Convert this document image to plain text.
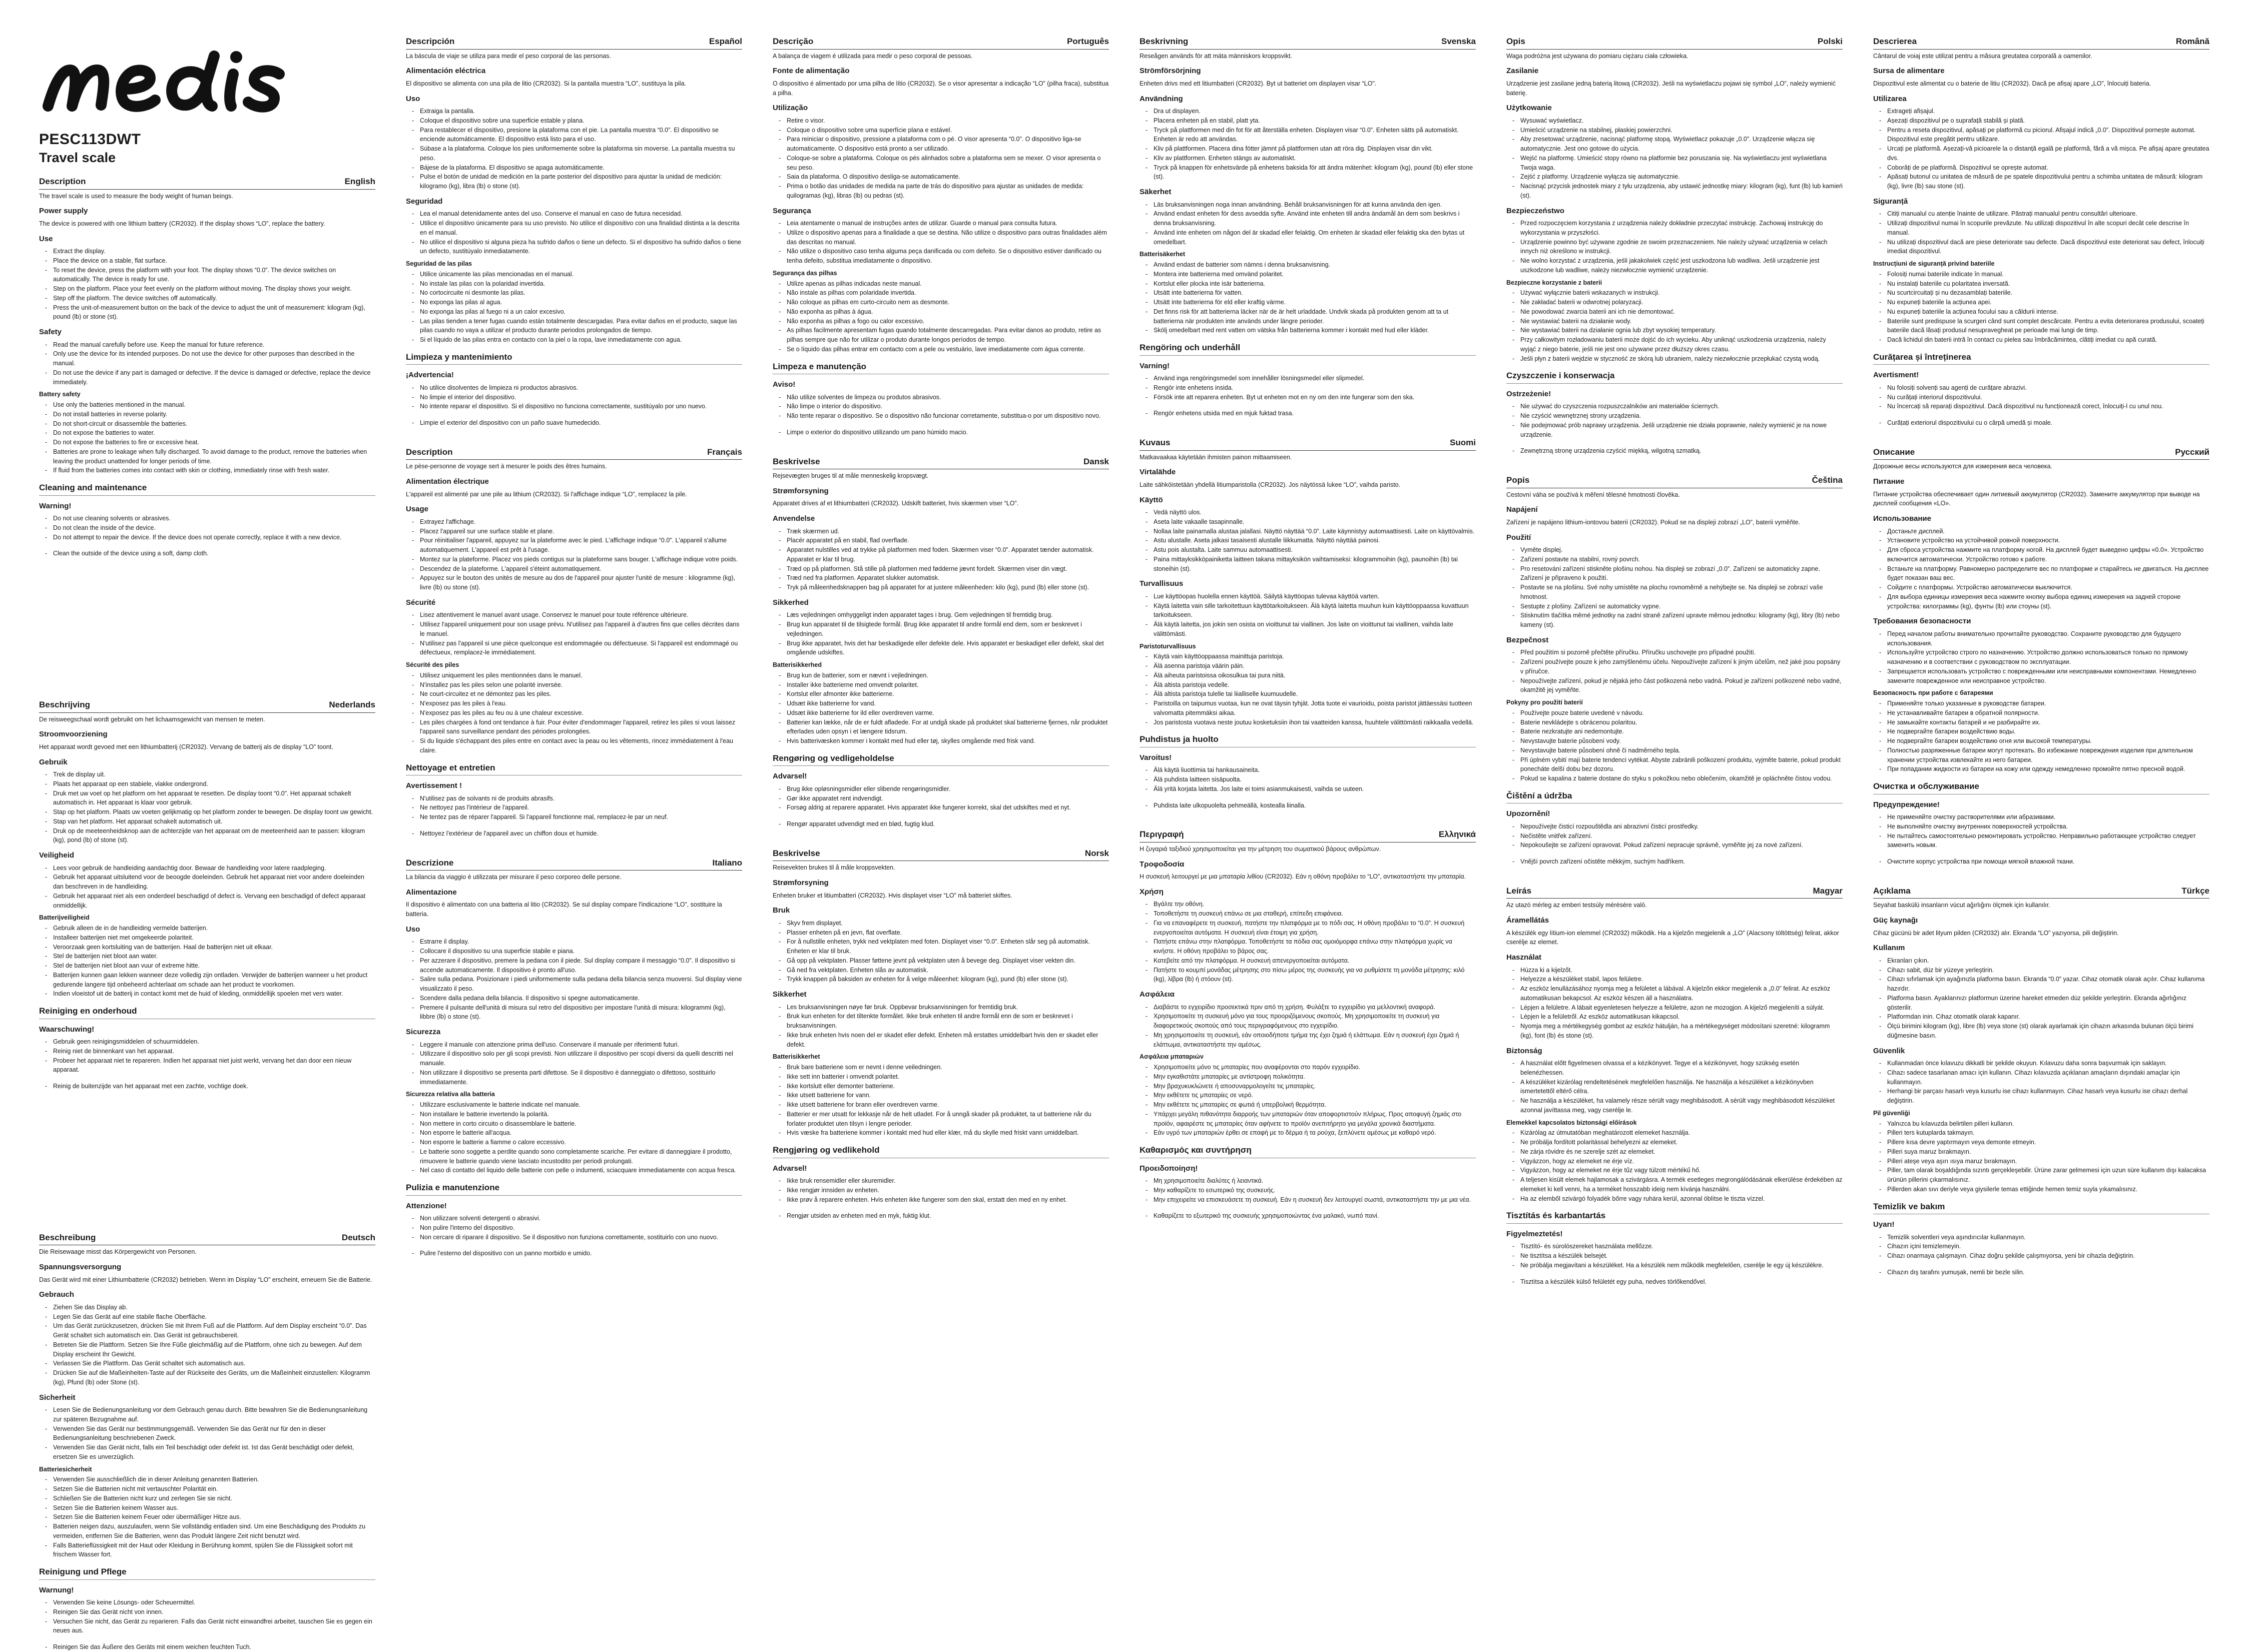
PESC113DWT
Travel scale
Description	English

The travel scale is used to measure the body weight of human beings.

Power supply

The device is powered with one lithium battery (CR2032). If the display shows “LO”, replace the battery.

Use
- Extract the display.
- Place the device on a stable, flat surface.
- To reset the device, press the platform with your foot. The display shows “0.0”. The device switches on automatically. The device is ready for use.
- Step on the platform. Place your feet evenly on the platform without moving. The display shows your weight.
- Step off the platform. The device switches off automatically.
- Press the unit-of-measurement button on the back of the device to adjust the unit of measurement: kilogram (kg), pound (lb) or stone (st).
Safety
- Read the manual carefully before use. Keep the manual for future reference.
- Only use the device for its intended purposes. Do not use the device for other purposes than described in the manual.
- Do not use the device if any part is damaged or defective. If the device is damaged or defective, replace the device immediately.
Battery safety
- Use only the batteries mentioned in the manual.
- Do not install batteries in reverse polarity.
- Do not short-circuit or disassemble the batteries.
- Do not expose the batteries to water.
- Do not expose the batteries to fire or excessive heat.
- Batteries are prone to leakage when fully discharged. To avoid damage to the product, remove the batteries when leaving the product unattended for longer periods of time.
- If fluid from the batteries comes into contact with skin or clothing, immediately rinse with fresh water.
Cleaning and maintenance
Warning!
- Do not use cleaning solvents or abrasives.
- Do not clean the inside of the device.
- Do not attempt to repair the device. If the device does not operate correctly, replace it with a new device.
- Clean the outside of the device using a soft, damp cloth.
Beschrijving	Nederlands

De reisweegschaal wordt gebruikt om het lichaamsgewicht van mensen te meten.

Stroomvoorziening

Het apparaat wordt gevoed met een lithiumbatterij (CR2032). Vervang de batterij als de display “LO” toont.

Gebruik
- Trek de display uit.
- Plaats het apparaat op een stabiele, vlakke ondergrond.
- Druk met uw voet op het platform om het apparaat te resetten. De display toont “0.0”. Het apparaat schakelt automatisch in. Het apparaat is klaar voor gebruik.
- Stap op het platform. Plaats uw voeten gelijkmatig op het platform zonder te bewegen. De display toont uw gewicht.
- Stap van het platform. Het apparaat schakelt automatisch uit.
- Druk op de meeteenheidsknop aan de achterzijde van het apparaat om de meeteenheid aan te passen: kilogram (kg), pond (lb) of stone (st).
Veiligheid
- Lees voor gebruik de handleiding aandachtig door. Bewaar de handleiding voor latere raadpleging.
- Gebruik het apparaat uitsluitend voor de beoogde doeleinden. Gebruik het apparaat niet voor andere doeleinden dan beschreven in de handleiding.
- Gebruik het apparaat niet als een onderdeel beschadigd of defect is. Vervang een beschadigd of defect apparaat onmiddellijk.
Batterijveiligheid
- Gebruik alleen de in de handleiding vermelde batterijen.
- Installeer batterijen niet met omgekeerde polariteit.
- Veroorzaak geen kortsluiting van de batterijen. Haal de batterijen niet uit elkaar.
- Stel de batterijen niet bloot aan water.
- Stel de batterijen niet bloot aan vuur of extreme hitte.
- Batterijen kunnen gaan lekken wanneer deze volledig zijn ontladen. Verwijder de batterijen wanneer u het product gedurende langere tijd onbeheerd achterlaat om schade aan het product te voorkomen.
- Indien vloeistof uit de batterij in contact komt met de huid of kleding, onmiddellijk spoelen met vers water.
Reiniging en onderhoud
Waarschuwing!
- Gebruik geen reinigingsmiddelen of schuurmiddelen.
- Reinig niet de binnenkant van het apparaat.
- Probeer het apparaat niet te repareren. Indien het apparaat niet juist werkt, vervang het dan door een nieuw apparaat.
- Reinig de buitenzijde van het apparaat met een zachte, vochtige doek.
Beschreibung	Deutsch

Die Reisewaage misst das Körpergewicht von Personen.

Spannungsversorgung

Das Gerät wird mit einer Lithiumbatterie (CR2032) betrieben. Wenn im Display “LO” erscheint, erneuern Sie die Batterie.

Gebrauch
- Ziehen Sie das Display ab.
- Legen Sie das Gerät auf eine stabile flache Oberfläche.
- Um das Gerät zurückzusetzen, drücken Sie mit Ihrem Fuß auf die Plattform. Auf dem Display erscheint “0.0”. Das Gerät schaltet sich automatisch ein. Das Gerät ist gebrauchsbereit.
- Betreten Sie die Plattform. Setzen Sie Ihre Füße gleichmäßig auf die Plattform, ohne sich zu bewegen. Auf dem Display erscheint Ihr Gewicht.
- Verlassen Sie die Plattform. Das Gerät schaltet sich automatisch aus.
- Drücken Sie auf die Maßeinheiten-Taste auf der Rückseite des Geräts, um die Maßeinheit einzustellen: Kilogramm (kg), Pfund (lb) oder Stone (st).
Sicherheit
- Lesen Sie die Bedienungsanleitung vor dem Gebrauch genau durch. Bitte bewahren Sie die Bedienungsanleitung zur späteren Bezugnahme auf.
- Verwenden Sie das Gerät nur bestimmungsgemäß. Verwenden Sie das Gerät nur für den in dieser Bedienungsanleitung beschriebenen Zweck.
- Verwenden Sie das Gerät nicht, falls ein Teil beschädigt oder defekt ist. Ist das Gerät beschädigt oder defekt, ersetzen Sie es unverzüglich.
Batteriesicherheit
- Verwenden Sie ausschließlich die in dieser Anleitung genannten Batterien.
- Setzen Sie die Batterien nicht mit vertauschter Polarität ein.
- Schließen Sie die Batterien nicht kurz und zerlegen Sie sie nicht.
- Setzen Sie die Batterien keinem Wasser aus.
- Setzen Sie die Batterien keinem Feuer oder übermäßiger Hitze aus.
- Batterien neigen dazu, auszulaufen, wenn Sie vollständig entladen sind. Um eine Beschädigung des Produkts zu vermeiden, entfernen Sie die Batterien, wenn das Produkt längere Zeit nicht benutzt wird.
- Falls Batterieflüssigkeit mit der Haut oder Kleidung in Berührung kommt, spülen Sie die Flüssigkeit sofort mit frischem Wasser fort.
Reinigung und Pflege
Warnung!
- Verwenden Sie keine Lösungs- oder Scheuermittel.
- Reinigen Sie das Gerät nicht von innen.
- Versuchen Sie nicht, das Gerät zu reparieren. Falls das Gerät nicht einwandfrei arbeitet, tauschen Sie es gegen ein neues aus.
- Reinigen Sie das Äußere des Geräts mit einem weichen feuchten Tuch.
Descripción	Español

La báscula de viaje se utiliza para medir el peso corporal de las personas.

Alimentación eléctrica

El dispositivo se alimenta con una pila de litio (CR2032). Si la pantalla muestra “LO”, sustituya la pila.

Uso
- Extraiga la pantalla.
- Coloque el dispositivo sobre una superficie estable y plana.
- Para restablecer el dispositivo, presione la plataforma con el pie. La pantalla muestra “0.0”. El dispositivo se enciende automáticamente. El dispositivo está listo para el uso.
- Súbase a la plataforma. Coloque los pies uniformemente sobre la plataforma sin moverse. La pantalla muestra su peso.
- Bájese de la plataforma. El dispositivo se apaga automáticamente.
- Pulse el botón de unidad de medición en la parte posterior del dispositivo para ajustar la unidad de medición: kilogramo (kg), libra (lb) o stone (st).
Seguridad
- Lea el manual detenidamente antes del uso. Conserve el manual en caso de futura necesidad.
- Utilice el dispositivo únicamente para su uso previsto. No utilice el dispositivo con una finalidad distinta a la descrita en el manual.
- No utilice el dispositivo si alguna pieza ha sufrido daños o tiene un defecto. Si el dispositivo ha sufrido daños o tiene un defecto, sustitúyalo inmediatamente.
Seguridad de las pilas
- Utilice únicamente las pilas mencionadas en el manual.
- No instale las pilas con la polaridad invertida.
- No cortocircuite ni desmonte las pilas.
- No exponga las pilas al agua.
- No exponga las pilas al fuego ni a un calor excesivo.
- Las pilas tienden a tener fugas cuando están totalmente descargadas. Para evitar daños en el producto, saque las pilas cuando no vaya a utilizar el producto durante periodos prolongados de tiempo.
- Si el líquido de las pilas entra en contacto con la piel o la ropa, lave inmediatamente con agua.
Limpieza y mantenimiento
¡Advertencia!
- No utilice disolventes de limpieza ni productos abrasivos.
- No limpie el interior del dispositivo.
- No intente reparar el dispositivo. Si el dispositivo no funciona correctamente, sustitúyalo por uno nuevo.
- Limpie el exterior del dispositivo con un paño suave humedecido.
Description	Français

Le pèse-personne de voyage sert à mesurer le poids des êtres humains.

Alimentation électrique

L'appareil est alimenté par une pile au lithium (CR2032). Si l'affichage indique “LO”, remplacez la pile.

Usage
- Extrayez l'affichage.
- Placez l'appareil sur une surface stable et plane.
- Pour réinitialiser l'appareil, appuyez sur la plateforme avec le pied. L'affichage indique “0.0”. L'appareil s'allume automatiquement. L'appareil est prêt à l'usage.
- Montez sur la plateforme. Placez vos pieds contigus sur la plateforme sans bouger. L'affichage indique votre poids.
- Descendez de la plateforme. L'appareil s'éteint automatiquement.
- Appuyez sur le bouton des unités de mesure au dos de l'appareil pour ajuster l'unité de mesure : kilogramme (kg), livre (lb) ou stone (st).
Sécurité
- Lisez attentivement le manuel avant usage. Conservez le manuel pour toute référence ultérieure.
- Utilisez l'appareil uniquement pour son usage prévu. N'utilisez pas l'appareil à d'autres fins que celles décrites dans le manuel.
- N'utilisez pas l'appareil si une pièce quelconque est endommagée ou défectueuse. Si l'appareil est endommagé ou défectueux, remplacez-le immédiatement.
Sécurité des piles
- Utilisez uniquement les piles mentionnées dans le manuel.
- N'installez pas les piles selon une polarité inversée.
- Ne court-circuitez et ne démontez pas les piles.
- N'exposez pas les piles à l'eau.
- N'exposez pas les piles au feu ou à une chaleur excessive.
- Les piles chargées à fond ont tendance à fuir. Pour éviter d'endommager l'appareil, retirez les piles si vous laissez l'appareil sans surveillance pendant des périodes prolongées.
- Si du liquide s'échappant des piles entre en contact avec la peau ou les vêtements, rincez immédiatement à l'eau claire.
Nettoyage et entretien
Avertissement !
- N'utilisez pas de solvants ni de produits abrasifs.
- Ne nettoyez pas l'intérieur de l'appareil.
- Ne tentez pas de réparer l'appareil. Si l'appareil fonctionne mal, remplacez-le par un neuf.
- Nettoyez l'extérieur de l'appareil avec un chiffon doux et humide.
Descrizione	Italiano

La bilancia da viaggio è utilizzata per misurare il peso corporeo delle persone.

Alimentazione

Il dispositivo è alimentato con una batteria al litio (CR2032). Se sul display compare l'indicazione “LO”, sostituire la batteria.

Uso
- Estrarre il display.
- Collocare il dispositivo su una superficie stabile e piana.
- Per azzerare il dispositivo, premere la pedana con il piede. Sul display compare il messaggio “0.0”. Il dispositivo si accende automaticamente. Il dispositivo è pronto all'uso.
- Salire sulla pedana. Posizionare i piedi uniformemente sulla pedana della bilancia senza muoversi. Sul display viene visualizzato il peso.
- Scendere dalla pedana della bilancia. Il dispositivo si spegne automaticamente.
- Premere il pulsante dell'unità di misura sul retro del dispositivo per impostare l'unità di misura: kilogrammi (kg), libbre (lb) o stone (st).
Sicurezza
- Leggere il manuale con attenzione prima dell'uso. Conservare il manuale per riferimenti futuri.
- Utilizzare il dispositivo solo per gli scopi previsti. Non utilizzare il dispositivo per scopi diversi da quelli descritti nel manuale.
- Non utilizzare il dispositivo se presenta parti difettose. Se il dispositivo è danneggiato o difettoso, sostituirlo immediatamente.
Sicurezza relativa alla batteria
- Utilizzare esclusivamente le batterie indicate nel manuale.
- Non installare le batterie invertendo la polarità.
- Non mettere in corto circuito o disassemblare le batterie.
- Non esporre le batterie all'acqua.
- Non esporre le batterie a fiamme o calore eccessivo.
- Le batterie sono soggette a perdite quando sono completamente scariche. Per evitare di danneggiare il prodotto, rimuovere le batterie quando viene lasciato incustodito per periodi prolungati.
- Nel caso di contatto del liquido delle batterie con pelle o indumenti, sciacquare immediatamente con acqua fresca.
Pulizia e manutenzione
Attenzione!
- Non utilizzare solventi detergenti o abrasivi.
- Non pulire l'interno del dispositivo.
- Non cercare di riparare il dispositivo. Se il dispositivo non funziona correttamente, sostituirlo con uno nuovo.
- Pulire l'esterno del dispositivo con un panno morbido e umido.
Descrição	Português

A balança de viagem é utilizada para medir o peso corporal de pessoas.

Fonte de alimentação

O dispositivo é alimentado por uma pilha de lítio (CR2032). Se o visor apresentar a indicação “LO” (pilha fraca), substitua a pilha.

Utilização
- Retire o visor.
- Coloque o dispositivo sobre uma superfície plana e estável.
- Para reiniciar o dispositivo, pressione a plataforma com o pé. O visor apresenta “0.0”. O dispositivo liga-se automaticamente. O dispositivo está pronto a ser utilizado.
- Coloque-se sobre a plataforma. Coloque os pés alinhados sobre a plataforma sem se mexer. O visor apresenta o seu peso.
- Saia da plataforma. O dispositivo desliga-se automaticamente.
- Prima o botão das unidades de medida na parte de trás do dispositivo para ajustar as unidades de medida: quilogramas (kg), libras (lb) ou pedras (st).
Segurança
- Leia atentamente o manual de instruções antes de utilizar. Guarde o manual para consulta futura.
- Utilize o dispositivo apenas para a finalidade a que se destina. Não utilize o dispositivo para outras finalidades além das descritas no manual.
- Não utilize o dispositivo caso tenha alguma peça danificada ou com defeito. Se o dispositivo estiver danificado ou tenha defeito, substitua imediatamente o dispositivo.
Segurança das pilhas
- Utilize apenas as pilhas indicadas neste manual.
- Não instale as pilhas com polaridade invertida.
- Não coloque as pilhas em curto-circuito nem as desmonte.
- Não exponha as pilhas à água.
- Não exponha as pilhas a fogo ou calor excessivo.
- As pilhas facilmente apresentam fugas quando totalmente descarregadas. Para evitar danos ao produto, retire as pilhas sempre que não for utilizar o produto durante longos períodos de tempo.
- Se o líquido das pilhas entrar em contacto com a pele ou vestuário, lave imediatamente com água corrente.
Limpeza e manutenção
Aviso!
- Não utilize solventes de limpeza ou produtos abrasivos.
- Não limpe o interior do dispositivo.
- Não tente reparar o dispositivo. Se o dispositivo não funcionar corretamente, substitua-o por um dispositivo novo.
- Limpe o exterior do dispositivo utilizando um pano húmido macio.
Beskrivelse	Dansk

Rejsevægten bruges til at måle menneskelig kropsvægt.

Strømforsyning

Apparatet drives af et lithiumbatteri (CR2032). Udskift batteriet, hvis skærmen viser “LO”.

Anvendelse
- Træk skærmen ud.
- Placér apparatet på en stabil, flad overflade.
- Apparatet nulstilles ved at trykke på platformen med foden. Skærmen viser “0.0”. Apparatet tænder automatisk. Apparatet er klar til brug.
- Træd op på platformen. Stå stille på platformen med fødderne jævnt fordelt. Skærmen viser din vægt.
- Træd ned fra platformen. Apparatet slukker automatisk.
- Tryk på måleenhedsknappen bag på apparatet for at justere måleenheden: kilo (kg), pund (lb) eller stone (st).
Sikkerhed
- Læs vejledningen omhyggeligt inden apparatet tages i brug. Gem vejledningen til fremtidig brug.
- Brug kun apparatet til de tilsigtede formål. Brug ikke apparatet til andre formål end dem, som er beskrevet i vejledningen.
- Brug ikke apparatet, hvis det har beskadigede eller defekte dele. Hvis apparatet er beskadiget eller defekt, skal det omgående udskiftes.
Batterisikkerhed
- Brug kun de batterier, som er nævnt i vejledningen.
- Installer ikke batterierne med omvendt polaritet.
- Kortslut eller afmonter ikke batterierne.
- Udsæt ikke batterierne for vand.
- Udsæt ikke batterierne for ild eller overdreven varme.
- Batterier kan lække, når de er fuldt afladede. For at undgå skade på produktet skal batterierne fjernes, når produktet efterlades uden opsyn i et længere tidsrum.
- Hvis batterivæsken kommer i kontakt med hud eller tøj, skylles omgående med frisk vand.
Rengøring og vedligeholdelse
Advarsel!
- Brug ikke opløsningsmidler eller slibende rengøringsmidler.
- Gør ikke apparatet rent indvendigt.
- Forsøg aldrig at reparere apparatet. Hvis apparatet ikke fungerer korrekt, skal det udskiftes med et nyt.
- Rengør apparatet udvendigt med en blød, fugtig klud.
Beskrivelse	Norsk

Reisevekten brukes til å måle kroppsvekten.

Strømforsyning

Enheten bruker et litiumbatteri (CR2032). Hvis displayet viser “LO” må batteriet skiftes.

Bruk
- Skyv frem displayet.
- Plasser enheten på en jevn, flat overflate.
- For å nullstille enheten, trykk ned vektplaten med foten. Displayet viser “0.0”. Enheten slår seg på automatisk. Enheten er klar til bruk.
- Gå opp på vektplaten. Plasser føttene jevnt på vektplaten uten å bevege deg. Displayet viser vekten din.
- Gå ned fra vektplaten. Enheten slås av automatisk.
- Trykk knappen på baksiden av enheten for å velge måleenhet: kilogram (kg), pund (lb) eller stone (st).
Sikkerhet
- Les bruksanvisningen nøye før bruk. Oppbevar bruksanvisningen for fremtidig bruk.
- Bruk kun enheten for det tiltenkte formålet. Ikke bruk enheten til andre formål enn de som er beskrevet i bruksanvisningen.
- Ikke bruk enheten hvis noen del er skadet eller defekt. Enheten må erstattes umiddelbart hvis den er skadet eller defekt.
Batterisikkerhet
- Bruk bare batteriene som er nevnt i denne veiledningen.
- Ikke sett inn batterier i omvendt polaritet.
- Ikke kortslutt eller demonter batteriene.
- Ikke utsett batteriene for vann.
- Ikke utsett batteriene for brann eller overdreven varme.
- Batterier er mer utsatt for lekkasje når de helt utladet. For å unngå skader på produktet, ta ut batteriene når du forlater produktet uten tilsyn i lengre perioder.
- Hvis væske fra batteriene kommer i kontakt med hud eller klær, må du skylle med friskt vann umiddelbart.
Rengjøring og vedlikehold
Advarsel!
- Ikke bruk rensemidler eller skuremidler.
- Ikke rengjør innsiden av enheten.
- Ikke prøv å reparere enheten. Hvis enheten ikke fungerer som den skal, erstatt den med en ny enhet.
- Rengjør utsiden av enheten med en myk, fuktig klut.
Beskrivning	Svenska

Reseågen används för att mäta människors kroppsvikt.

Strömförsörjning

Enheten drivs med ett litiumbatteri (CR2032). Byt ut batteriet om displayen visar “LO”.

Användning
- Dra ut displayen.
- Placera enheten på en stabil, platt yta.
- Tryck på plattformen med din fot för att återställa enheten. Displayen visar “0.0”. Enheten sätts på automatiskt. Enheten är redo att användas.
- Kliv på plattformen. Placera dina fötter jämnt på plattformen utan att röra dig. Displayen visar din vikt.
- Kliv av plattformen. Enheten stängs av automatiskt.
- Tryck på knappen för enhetsvärde på enhetens baksida för att ändra mätenhet: kilogram (kg), pound (lb) eller stone (st).
Säkerhet
- Läs bruksanvisningen noga innan användning. Behåll bruksanvisningen för att kunna använda den igen.
- Använd endast enheten för dess avsedda syfte. Använd inte enheten till andra ändamål än dem som beskrivs i denna bruksanvisning.
- Använd inte enheten om någon del är skadad eller felaktig. Om enheten är skadad eller felaktig ska den bytas ut omedelbart.
Batterisäkerhet
- Använd endast de batterier som nämns i denna bruksanvisning.
- Montera inte batterierna med omvänd polaritet.
- Kortslut eller plocka inte isär batterierna.
- Utsätt inte batterierna för vatten.
- Utsätt inte batterierna för eld eller kraftig värme.
- Det finns risk för att batterierna läcker när de är helt urladdade. Undvik skada på produkten genom att ta ut batterierna när produkten inte används under längre perioder.
- Skölj omedelbart med rent vatten om vätska från batterierna kommer i kontakt med hud eller kläder.
Rengöring och underhåll
Varning!
- Använd inga rengöringsmedel som innehåller lösningsmedel eller slipmedel.
- Rengör inte enhetens insida.
- Försök inte att reparera enheten. Byt ut enheten mot en ny om den inte fungerar som den ska.
- Rengör enhetens utsida med en mjuk fuktad trasa.
Kuvaus	Suomi

Matkavaakaa käytetään ihmisten painon mittaamiseen.

Virtalähde

Laite sähköistetään yhdellä litiumparistolla (CR2032). Jos näytössä lukee “LO”, vaihda paristo.

Käyttö
- Vedä näyttö ulos.
- Aseta laite vakaalle tasapinnalle.
- Nollaa laite painamalla alustaa jalallasi. Näyttö näyttää “0.0”. Laite käynnistyy automaattisesti. Laite on käyttövalmis.
- Astu alustalle. Aseta jalkasi tasaisesti alustalle liikkumatta. Näyttö näyttää painosi.
- Astu pois alustalta. Laite sammuu automaattisesti.
- Paina mittayksikköpainiketta laitteen takana mittayksikön vaihtamiseksi: kilogrammoihin (kg), paunoihin (lb) tai stoneihin (st).
Turvallisuus
- Lue käyttöopas huolella ennen käyttöä. Säilytä käyttöopas tulevaa käyttöä varten.
- Käytä laitetta vain sille tarkoitettuun käyttötarkoitukseen. Älä käytä laitetta muuhun kuin käyttöoppaassa kuvattuun tarkoitukseen.
- Älä käytä laitetta, jos jokin sen osista on vioittunut tai viallinen. Jos laite on vioittunut tai viallinen, vaihda laite välittömästi.
Paristoturvallisuus
- Käytä vain käyttöoppaassa mainittuja paristoja.
- Älä asenna paristoja väärin päin.
- Älä aiheuta paristoissa oikosulkua tai pura niitä.
- Älä altista paristoja vedelle.
- Älä altista paristoja tulelle tai liialliselle kuumuudelle.
- Paristoilla on taipumus vuotaa, kun ne ovat täysin tyhjät. Jotta tuote ei vaurioidu, poista paristot jättäessäsi tuotteen valvomatta pitemmäksi aikaa.
- Jos paristosta vuotava neste joutuu kosketuksiin ihon tai vaatteiden kanssa, huuhtele välittömästi raikkaalla vedellä.
Puhdistus ja huolto
Varoitus!
- Älä käytä liuottimia tai hankausaineita.
- Älä puhdista laitteen sisäpuolta.
- Älä yritä korjata laitetta. Jos laite ei toimi asianmukaisesti, vaihda se uuteen.
- Puhdista laite ulkopuolelta pehmeällä, kostealla liinalla.
Περιγραφή	Ελληνικά

Η ζυγαριά ταξιδιού χρησιμοποιείται για την μέτρηση του σωματικού βάρους ανθρώπων.

Τροφοδοσία

Η συσκευή λειτουργεί με μια μπαταρία λιθίου (CR2032). Εάν η οθόνη προβάλει το “LO”, αντικαταστήστε την μπαταρία.

Χρήση
- Βγάλτε την οθόνη.
- Τοποθετήστε τη συσκευή επάνω σε μια σταθερή, επίπεδη επιφάνεια.
- Για να επαναφέρετε τη συσκευή, πατήστε την πλατφόρμα με το πόδι σας. Η οθόνη προβάλει το “0.0”. Η συσκευή ενεργοποιείται αυτόματα. Η συσκευή είναι έτοιμη για χρήση.
- Πατήστε επάνω στην πλατφόρμα. Τοποθετήστε τα πόδια σας ομοιόμορφα επάνω στην πλατφόρμα χωρίς να κινήστε. Η οθόνη προβάλει το βάρος σας.
- Κατεβείτε από την πλατφόρμα. Η συσκευή απενεργοποιείται αυτόματα.
- Πατήστε το κουμπί μονάδας μέτρησης στο πίσω μέρος της συσκευής για να ρυθμίσετε τη μονάδα μέτρησης: κιλό (kg), λίβρα (lb) ή στόουν (st).
Ασφάλεια
- Διαβάστε το εγχειρίδιο προσεκτικά πριν από τη χρήση. Φυλάξτε το εγχειρίδιο για μελλοντική αναφορά.
- Χρησιμοποιείτε τη συσκευή μόνο για τους προοριζόμενους σκοπούς. Μη χρησιμοποιείτε τη συσκευή για διαφορετικούς σκοπούς από τους περιγραφόμενους στο εγχειρίδιο.
- Μη χρησιμοποιείτε τη συσκευή, εάν οποιοδήποτε τμήμα της έχει ζημιά ή ελάττωμα. Εάν η συσκευή έχει ζημιά ή ελάττωμα, αντικαταστήστε την αμέσως.
Ασφάλεια μπαταριών
- Χρησιμοποιείτε μόνο τις μπαταρίες που αναφέρονται στο παρόν εγχειρίδιο.
- Μην εγκαθιστάτε μπαταρίες με αντίστροφη πολικότητα.
- Μην βραχυκυκλώνετε ή αποσυναρμολογείτε τις μπαταρίες.
- Μην εκθέτετε τις μπαταρίες σε νερό.
- Μην εκθέτετε τις μπαταρίες σε φωτιά ή υπερβολική θερμότητα.
- Υπάρχει μεγάλη πιθανότητα διαρροής των μπαταριών όταν αποφορτιστούν πλήρως. Προς αποφυγή ζημιάς στο προϊόν, αφαιρέστε τις μπαταρίες όταν αφήνετε το προϊόν ανεπιτήρητο για μεγάλα χρονικά διαστήματα.
- Εάν υγρό των μπαταριών έρθει σε επαφή με το δέρμα ή τα ρούχα, ξεπλύνετε αμέσως με καθαρό νερό.
Καθαρισμός και συντήρηση
Προειδοποίηση!
- Μη χρησιμοποιείτε διαλύτες ή λειαντικά.
- Μην καθαρίζετε το εσωτερικό της συσκευής.
- Μην επιχειρείτε να επισκευάσετε τη συσκευή. Εάν η συσκευή δεν λειτουργεί σωστά, αντικαταστήστε την με μια νέα.
- Καθαρίζετε το εξωτερικό της συσκευής χρησιμοποιώντας ένα μαλακό, νωπό πανί.
Opis	Polski

Waga podróżna jest używana do pomiaru ciężaru ciała człowieka.

Zasilanie

Urządzenie jest zasilane jedną baterią litową (CR2032). Jeśli na wyświetlaczu pojawi się symbol „LO”, należy wymienić baterię.

Użytkowanie
- Wysuwać wyświetlacz.
- Umieścić urządzenie na stabilnej, płaskiej powierzchni.
- Aby zresetować urządzenie, nacisnąć platformę stopą. Wyświetlacz pokazuje „0.0”. Urządzenie włącza się automatycznie. Jest ono gotowe do użycia.
- Wejść na platformę. Umieścić stopy równo na platformie bez poruszania się. Na wyświetlaczu jest wyświetlana Twoja waga.
- Zejść z platformy. Urządzenie wyłącza się automatycznie.
- Nacisnąć przycisk jednostek miary z tyłu urządzenia, aby ustawić jednostkę miary: kilogram (kg), funt (lb) lub kamień (st).
Bezpieczeństwo
- Przed rozpoczęciem korzystania z urządzenia należy dokładnie przeczytać instrukcję. Zachowaj instrukcję do wykorzystania w przyszłości.
- Urządzenie powinno być używane zgodnie ze swoim przeznaczeniem. Nie należy używać urządzenia w celach innych niż określono w instrukcji.
- Nie wolno korzystać z urządzenia, jeśli jakakolwiek część jest uszkodzona lub wadliwa. Jeśli urządzenie jest uszkodzone lub wadliwe, należy niezwłocznie wymienić urządzenie.
Bezpieczne korzystanie z baterii
- Używać wyłącznie baterii wskazanych w instrukcji.
- Nie zakładać baterii w odwrotnej polaryzacji.
- Nie powodować zwarcia baterii ani ich nie demontować.
- Nie wystawiać baterii na działanie wody.
- Nie wystawiać baterii na działanie ognia lub zbyt wysokiej temperatury.
- Przy całkowitym rozładowaniu baterii może dojść do ich wycieku. Aby uniknąć uszkodzenia urządzenia, należy wyjąć z niego baterie, jeśli nie jest ono używane przez dłuższy okres czasu.
- Jeśli płyn z baterii wejdzie w styczność ze skórą lub ubraniem, należy niezwłocznie przepłukać czystą wodą.
Czyszczenie i konserwacja
Ostrzeżenie!
- Nie używać do czyszczenia rozpuszczalników ani materiałów ściernych.
- Nie czyścić wewnętrznej strony urządzenia.
- Nie podejmować prób naprawy urządzenia. Jeśli urządzenie nie działa poprawnie, należy wymienić je na nowe urządzenie.
- Zewnętrzną stronę urządzenia czyścić miękką, wilgotną szmatką.
Popis	Čeština

Cestovní váha se používá k měření tělesné hmotnosti člověka.

Napájení

Zařízení je napájeno lithium-iontovou baterií (CR2032). Pokud se na displeji zobrazí „LO”, baterii vyměňte.

Použití
- Vyměte displej.
- Zařízení postavte na stabilní, rovný povrch.
- Pro resetování zařízení stiskněte plošinu nohou. Na displeji se zobrazí „0.0”. Zařízení se automaticky zapne. Zařízení je připraveno k použití.
- Postavte se na plošinu. Své nohy umístěte na plochu rovnoměrně a nehýbejte se. Na displeji se zobrazí vaše hmotnost.
- Sestupte z plošiny. Zařízení se automaticky vypne.
- Stisknutím tlačítka měrné jednotky na zadní straně zařízení upravte měrnou jednotku: kilogramy (kg), libry (lb) nebo kameny (st).
Bezpečnost
- Před použitím si pozorně přečtěte příručku. Příručku uschovejte pro případné použití.
- Zařízení používejte pouze k jeho zamýšlenému účelu. Nepoužívejte zařízení k jiným účelům, než jaké jsou popsány v příručce.
- Nepoužívejte zařízení, pokud je nějaká jeho část poškozená nebo vadná. Pokud je zařízení poškozené nebo vadné, okamžitě jej vyměňte.
Pokyny pro použití baterií
- Používejte pouze baterie uvedené v návodu.
- Baterie nevkládejte s obrácenou polaritou.
- Baterie nezkratujte ani nedemontujte.
- Nevystavujte baterie působení vody.
- Nevystavujte baterie působení ohně či nadměrného tepla.
- Při úplném vybití mají baterie tendenci vytékat. Abyste zabránili poškození produktu, vyjměte baterie, pokud produkt ponecháte delší dobu bez dozoru.
- Pokud se kapalina z baterie dostane do styku s pokožkou nebo oblečením, okamžitě je opláchněte čistou vodou.
Čištění a údržba
Upozornění!
- Nepoužívejte čisticí rozpouštědla ani abrazivní čisticí prostředky.
- Nečistěte vnitřek zařízení.
- Nepokoušejte se zařízení opravovat. Pokud zařízení nepracuje správně, vyměňte jej za nové zařízení.
- Vnější povrch zařízení očistěte měkkým, suchým hadříkem.
Leírás	Magyar

Az utazó mérleg az emberi testsúly mérésére való.

Áramellátás

A készülék egy lítium-ion elemmel (CR2032) működik. Ha a kijelzőn megjelenik a „LO” (Alacsony töltöttség) felirat, akkor cserélje az elemet.

Használat
- Húzza ki a kijelzőt.
- Helyezze a készüléket stabil, lapos felületre.
- Az eszköz lenullázásához nyomja meg a felületet a lábával. A kijelzőn ekkor megjelenik a „0.0” felirat. Az eszköz automatikusan bekapcsol. Az eszköz készen áll a használatra.
- Lépjen a felületre. A lábait egyenletesen helyezze a felületre, azon ne mozogjon. A kijelző megjeleníti a súlyát.
- Lépjen le a felületről. Az eszköz automatikusan kikapcsol.
- Nyomja meg a mértékegység gombot az eszköz hátulján, ha a mértékegységet módosítani szeretné: kilogramm (kg), font (lb) és stone (st).
Biztonság
- A használat előtt figyelmesen olvassa el a kézikönyvet. Tegye el a kézikönyvet, hogy szükség esetén belenézhessen.
- A készüléket kizárólag rendeltetésének megfelelően használja. Ne használja a készüléket a kézikönyvben ismertetettől eltérő célra.
- Ne használja a készüléket, ha valamely része sérült vagy meghibásodott. A sérült vagy meghibásodott készüléket azonnal javíttassa meg, vagy cserélje le.
Elemekkel kapcsolatos biztonsági előírások
- Kizárólag az útmutatóban meghatározott elemeket használja.
- Ne próbálja fordított polaritással behelyezni az elemeket.
- Ne zárja rövidre és ne szerelje szét az elemeket.
- Vigyázzon, hogy az elemeket ne érje víz.
- Vigyázzon, hogy az elemeket ne érje tűz vagy túlzott mértékű hő.
- A teljesen kisült elemek hajlamosak a szivárgásra. A termék esetleges megrongálódásának elkerülése érdekében az elemeket ki kell venni, ha a terméket hosszabb ideig nem kívánja használni.
- Ha az elemből szivárgó folyadék bőrre vagy ruhára kerül, azonnal öblítse le tiszta vízzel.
Tisztítás és karbantartás
Figyelmeztetés!
- Tisztító- és súrolószereket használata mellőzze.
- Ne tisztítsa a készülék belsejét.
- Ne próbálja megjavítani a készüléket. Ha a készülék nem működik megfelelően, cserélje le egy új készülékre.
- Tisztítsa a készülék külső felületét egy puha, nedves törlőkendővel.
Descrierea	Română

Cântarul de voiaj este utilizat pentru a măsura greutatea corporală a oamenilor.

Sursa de alimentare

Dispozitivul este alimentat cu o baterie de litiu (CR2032). Dacă pe afișaj apare „LO”, înlocuiți bateria.

Utilizarea
- Extrageți afișajul.
- Așezați dispozitivul pe o suprafață stabilă și plată.
- Pentru a reseta dispozitivul, apăsați pe platformă cu piciorul. Afișajul indică „0.0”. Dispozitivul pornește automat. Dispozitivul este pregătit pentru utilizare.
- Urcați pe platformă. Așezați-vă picioarele la o distanță egală pe platformă, fără a vă mișca. Pe afișaj apare greutatea dvs.
- Coborâți de pe platformă. Dispozitivul se oprește automat.
- Apăsați butonul cu unitatea de măsură de pe spatele dispozitivului pentru a schimba unitatea de măsură: kilogram (kg), livre (lb) sau stone (st).
Siguranță
- Citiți manualul cu atenție înainte de utilizare. Păstrați manualul pentru consultări ulterioare.
- Utilizați dispozitivul numai în scopurile prevăzute. Nu utilizați dispozitivul în alte scopuri decât cele descrise în manual.
- Nu utilizați dispozitivul dacă are piese deteriorate sau defecte. Dacă dispozitivul este deteriorat sau defect, înlocuiți imediat dispozitivul.
Instrucțiuni de siguranță privind bateriile
- Folosiți numai bateriile indicate în manual.
- Nu instalați bateriile cu polaritatea inversată.
- Nu scurtcircuitați și nu dezasamblați bateriile.
- Nu expuneți bateriile la acțiunea apei.
- Nu expuneți bateriile la acțiunea focului sau a căldurii intense.
- Bateriile sunt predispuse la scurgeri când sunt complet descărcate. Pentru a evita deteriorarea produsului, scoateți bateriile dacă lăsați produsul nesupravegheat pe perioade mai lungi de timp.
- Dacă lichidul din baterii intră în contact cu pielea sau îmbrăcămintea, clătiți imediat cu apă curată.
Curățarea și întreținerea
Avertisment!
- Nu folosiți solvenți sau agenți de curățare abrazivi.
- Nu curățați interiorul dispozitivului.
- Nu încercați să reparați dispozitivul. Dacă dispozitivul nu funcționează corect, înlocuiți-l cu unul nou.
- Curățați exteriorul dispozitivului cu o cârpă umedă și moale.
Описание	Русский

Дорожные весы используются для измерения веса человека.

Питание

Питание устройства обеспечивает один литиевый аккумулятор (CR2032). Замените аккумулятор при выводе на дисплей сообщения «LO».

Использование
- Достаньте дисплей.
- Установите устройство на устойчивой ровной поверхности.
- Для сброса устройства нажмите на платформу ногой. На дисплей будет выведено цифры «0.0». Устройство включится автоматически. Устройство готово к работе.
- Встаньте на платформу. Равномерно распределите вес по платформе и старайтесь не двигаться. На дисплее будет показан ваш вес.
- Сойдите с платформы. Устройство автоматически выключится.
- Для выбора единицы измерения веса нажмите кнопку выбора единиц измерения на задней стороне устройства: килограммы (kg), фунты (lb) или стоуны (st).
Требования безопасности
- Перед началом работы внимательно прочитайте руководство. Сохраните руководство для будущего использования.
- Используйте устройство строго по назначению. Устройство должно использоваться только по прямому назначению и в соответствии с руководством по эксплуатации.
- Запрещается использовать устройство с поврежденными или неисправными компонентами. Немедленно замените поврежденное или неисправное устройство.
Безопасность при работе с батареями
- Применяйте только указанные в руководстве батареи.
- Не устанавливайте батареи в обратной полярности.
- Не замыкайте контакты батарей и не разбирайте их.
- Не подвергайте батареи воздействию воды.
- Не подвергайте батареи воздействию огня или высокой температуры.
- Полностью разряженные батареи могут протекать. Во избежание повреждения изделия при длительном хранении устройства извлекайте из него батареи.
- При попадании жидкости из батареи на кожу или одежду немедленно промойте пятно пресной водой.
Очистка и обслуживание
Предупреждение!
- Не применяйте очистку растворителями или абразивами.
- Не выполняйте очистку внутренних поверхностей устройства.
- Не пытайтесь самостоятельно ремонтировать устройство. Неправильно работающее устройство следует заменить новым.
- Очистите корпус устройства при помощи мягкой влажной ткани.
Açıklama	Türkçe

Seyahat baskülü insanların vücut ağırlığını ölçmek için kullanılır.

Güç kaynağı

Cihaz gücünü bir adet lityum pilden (CR2032) alır. Ekranda “LO” yazıyorsa, pili değiştirin.

Kullanım
- Ekranları çıkın.
- Cihazı sabit, düz bir yüzeye yerleştirin.
- Cihazı sıfırlamak için ayağınızla platforma basın. Ekranda “0.0” yazar. Cihaz otomatik olarak açılır. Cihaz kullanıma hazırdır.
- Platforma basın. Ayaklarınızı platformun üzerine hareket etmeden düz şekilde yerleştirin. Ekranda ağırlığınız gösterilir.
- Platformdan inin. Cihaz otomatik olarak kapanır.
- Ölçü birimini kilogram (kg), libre (lb) veya stone (st) olarak ayarlamak için cihazın arkasında bulunan ölçü birimi düğmesine basın.
Güvenlik
- Kullanmadan önce kılavuzu dikkatli bir şekilde okuyun. Kılavuzu daha sonra başvurmak için saklayın.
- Cihazı sadece tasarlanan amacı için kullanın. Cihazı kılavuzda açıklanan amaçların dışındaki amaçlar için kullanmayın.
- Herhangi bir parçası hasarlı veya kusurlu ise cihazı kullanmayın. Cihaz hasarlı veya kusurlu ise cihazı derhal değiştirin.
Pil güvenliği
- Yalnızca bu kılavuzda belirtilen pilleri kullanın.
- Pilleri ters kutuplarda takmayın.
- Pillere kısa devre yaptırmayın veya demonte etmeyin.
- Pilleri suya maruz bırakmayın.
- Pilleri ateşe veya aşırı ısıya maruz bırakmayın.
- Piller, tam olarak boşaldığında sızıntı gerçekleşebilir. Ürüne zarar gelmemesi için uzun süre kullanım dışı kalacaksa ürünün pillerini çıkarmalısınız.
- Pillerden akan sıvı deriyle veya giysilerle temas ettiğinde hemen temiz suyla yıkamalısınız.
Temizlik ve bakım
Uyarı!
- Temizlik solventleri veya aşındırıcılar kullanmayın.
- Cihazın içini temizlemeyin.
- Cihazı onarmaya çalışmayın. Cihaz doğru şekilde çalışmıyorsa, yeni bir cihazla değiştirin.
- Cihazın dış tarafını yumuşak, nemli bir bezle silin.
